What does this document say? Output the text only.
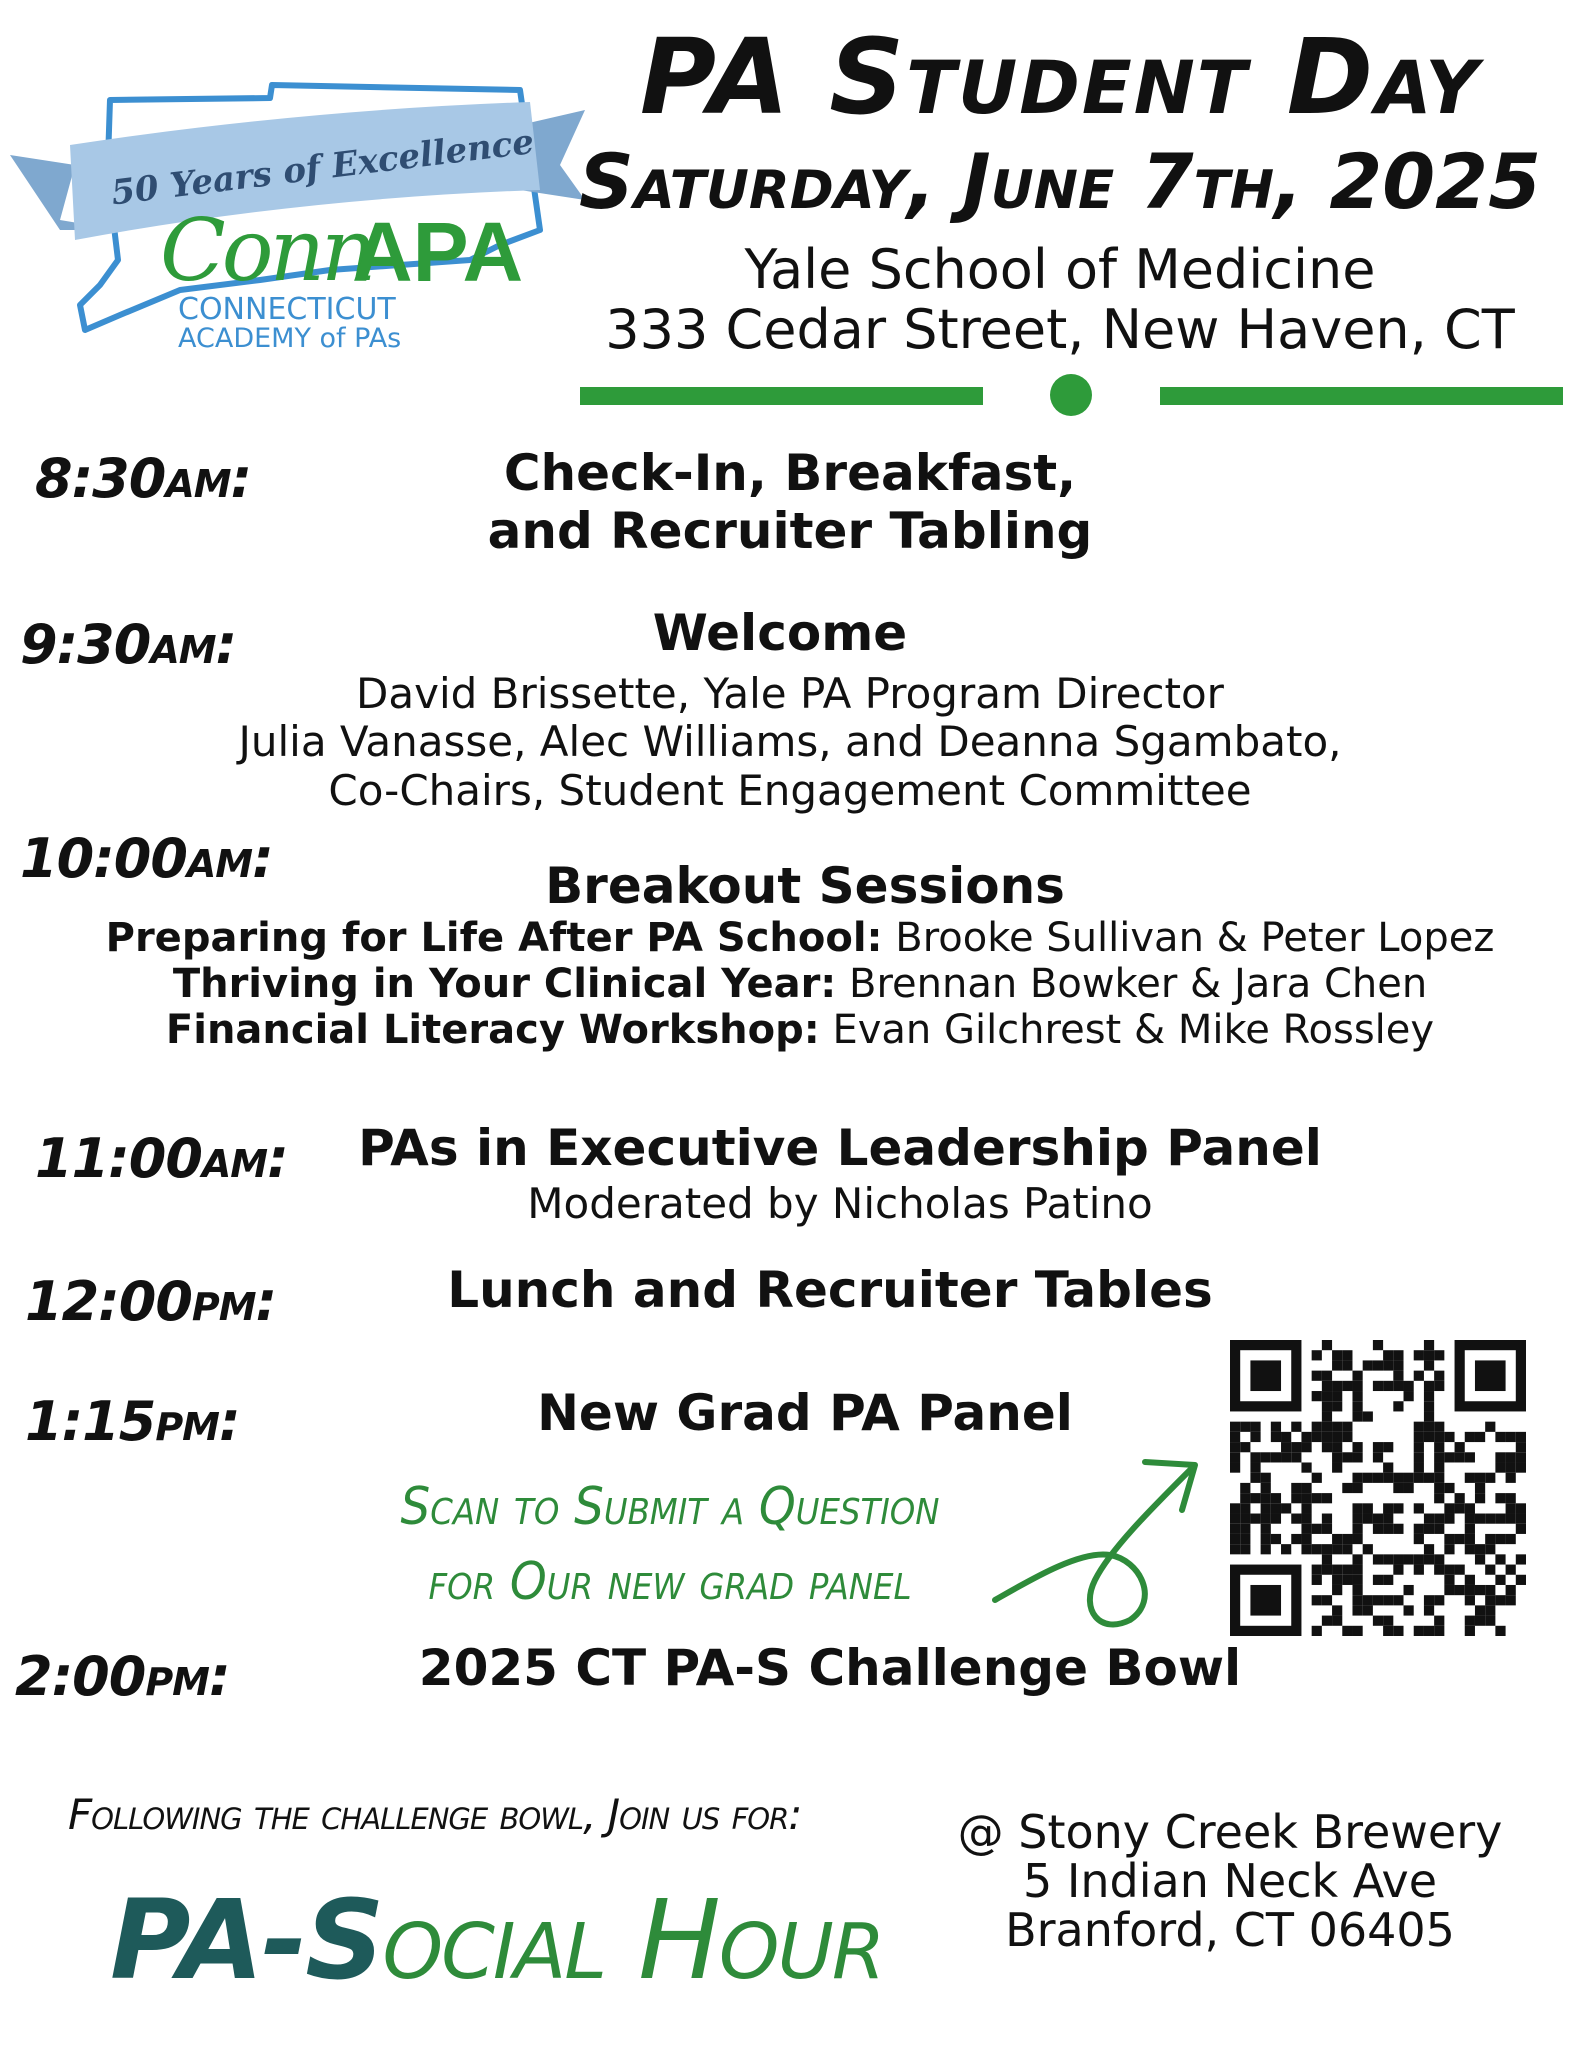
50 Years of Excellence
Conn
APA
CONNECTICUT
ACADEMY of PAs
PA Student Day
Saturday, June 7th, 2025
Yale School of Medicine
333 Cedar Street, New Haven, CT
8:30am:	Check-In, Breakfast,
and Recruiter Tabling
9:30am:	Welcome
David Brissette, Yale PA Program Director
Julia Vanasse, Alec Williams, and Deanna Sgambato,
Co-Chairs, Student Engagement Committee
10:00am:	Breakout Sessions
Preparing for Life After PA School: Brooke Sullivan & Peter Lopez
Thriving in Your Clinical Year: Brennan Bowker & Jara Chen
Financial Literacy Workshop: Evan Gilchrest & Mike Rossley
11:00am:	PAs in Executive Leadership Panel
Moderated by Nicholas Patino
12:00pm:	Lunch and Recruiter Tables
1:15pm:	New Grad PA Panel
Scan to Submit a Question
for Our new grad panel
2:00pm:	2025 CT PA-S Challenge Bowl
Following the challenge bowl, Join us for:
PA-Social Hour
@ Stony Creek Brewery
5 Indian Neck Ave
Branford, CT 06405
